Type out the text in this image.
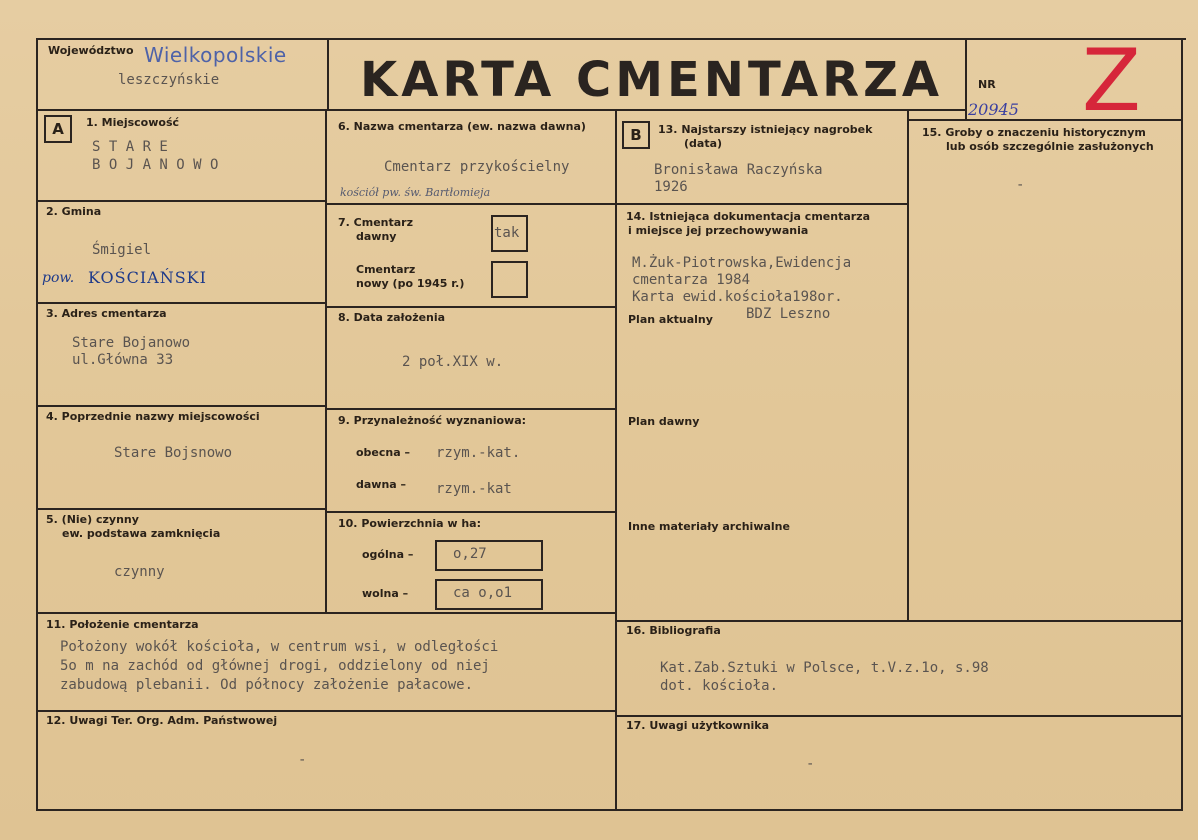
Województwo Wielkopolskie
leszczyńskie	KARTA CMENTARZA	NR
20945 Z
A	B
1. Miejscowość
S T A R E
B O J A N O W O
2. Gmina
Śmigiel
pow. KOŚCIAŃSKI
3. Adres cmentarza
Stare Bojanowo
ul.Główna 33
4. Poprzednie nazwy miejscowości
Stare Bojsnowo
5. (Nie) czynny
ew. podstawa zamknięcia
czynny
6. Nazwa cmentarza (ew. nazwa dawna)
Cmentarz przykościelny
kościół pw. św. Bartłomieja
7. Cmentarz
dawny	tak
Cmentarz
nowy (po 1945 r.)
8. Data założenia
2 poł.XIX w.
9. Przynależność wyznaniowa:
obecna – rzym.-kat.
dawna – rzym.-kat
10. Powierzchnia w ha:
ogólna –	o,27
wolna –	ca o,o1
11. Położenie cmentarza
Położony wokół kościoła, w centrum wsi, w odległości
5o m na zachód od głównej drogi, oddzielony od niej
zabudową plebanii. Od północy założenie pałacowe.
12. Uwagi Ter. Org. Adm. Państwowej
-
13. Najstarszy istniejący nagrobek
(data)
Bronisława Raczyńska
1926
14. Istniejąca dokumentacja cmentarza
i miejsce jej przechowywania
M.Żuk-Piotrowska,Ewidencja
cmentarza 1984
Karta ewid.kościoła198or.
BDZ Leszno
Plan aktualny
Plan dawny
Inne materiały archiwalne
15. Groby o znaczeniu historycznym
lub osób szczególnie zasłużonych
-
16. Bibliografia
Kat.Zab.Sztuki w Polsce, t.V.z.1o, s.98
dot. kościoła.
17. Uwagi użytkownika
-
